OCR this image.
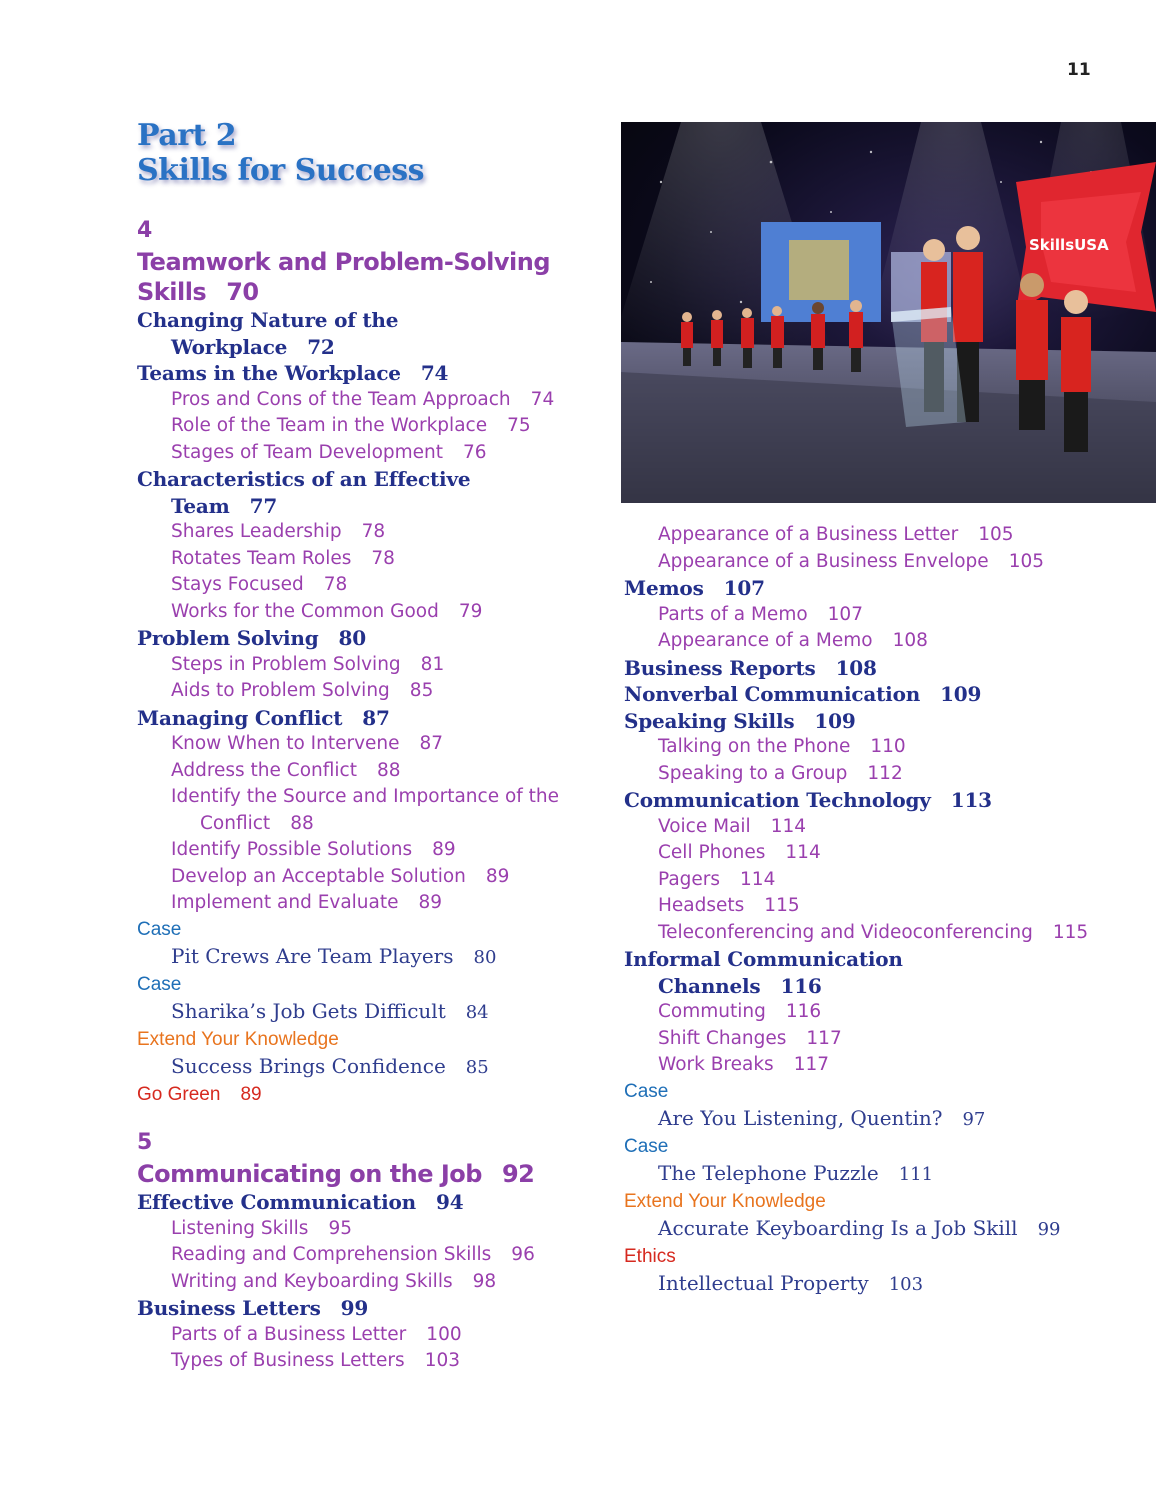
11
Part 2
Skills for Success
SkillsUSA
4
Teamwork and Problem-Solving
Skills 70
Changing Nature of the
Workplace 72
Teams in the Workplace 74
Pros and Cons of the Team Approach 74
Role of the Team in the Workplace 75
Stages of Team Development 76
Characteristics of an Effective
Team 77
Shares Leadership 78
Rotates Team Roles 78
Stays Focused 78
Works for the Common Good 79
Problem Solving 80
Steps in Problem Solving 81
Aids to Problem Solving 85
Managing Conflict 87
Know When to Intervene 87
Address the Conflict 88
Identify the Source and Importance of the
Conflict 88
Identify Possible Solutions 89
Develop an Acceptable Solution 89
Implement and Evaluate 89
Case
Pit Crews Are Team Players 80
Case
Sharika’s Job Gets Difficult 84
Extend Your Knowledge
Success Brings Confidence 85
Go Green 89
5
Communicating on the Job 92
Effective Communication 94
Listening Skills 95
Reading and Comprehension Skills 96
Writing and Keyboarding Skills 98
Business Letters 99
Parts of a Business Letter 100
Types of Business Letters 103
Appearance of a Business Letter 105
Appearance of a Business Envelope 105
Memos 107
Parts of a Memo 107
Appearance of a Memo 108
Business Reports 108
Nonverbal Communication 109
Speaking Skills 109
Talking on the Phone 110
Speaking to a Group 112
Communication Technology 113
Voice Mail 114
Cell Phones 114
Pagers 114
Headsets 115
Teleconferencing and Videoconferencing 115
Informal Communication
Channels 116
Commuting 116
Shift Changes 117
Work Breaks 117
Case
Are You Listening, Quentin? 97
Case
The Telephone Puzzle 111
Extend Your Knowledge
Accurate Keyboarding Is a Job Skill 99
Ethics
Intellectual Property 103
